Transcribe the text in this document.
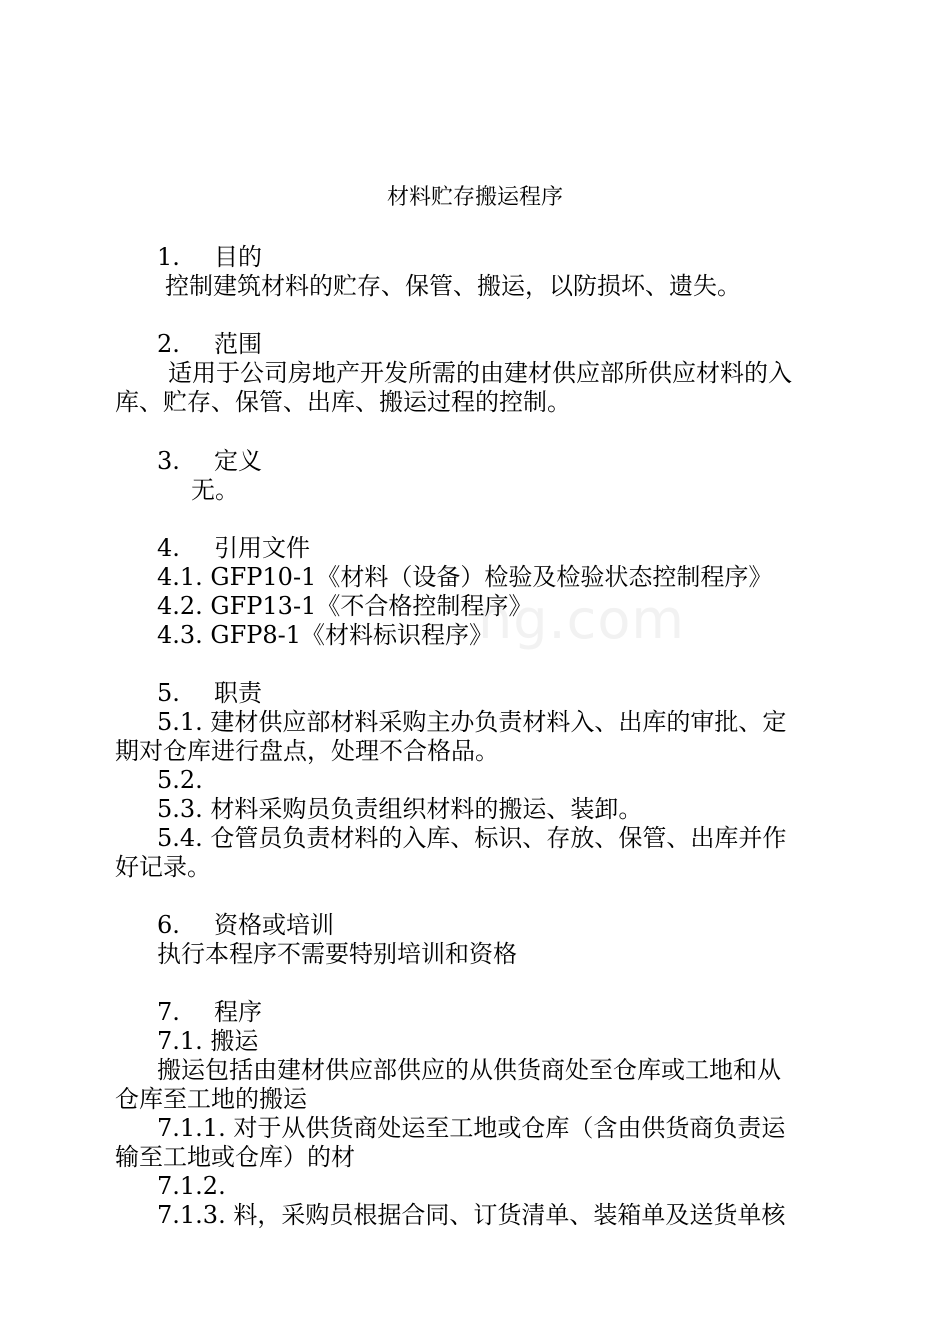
ng.com
材料贮存搬运程序
1. 目的
控制建筑材料的贮存、保管、搬运，以防损坏、遗失。
2. 范围
适用于公司房地产开发所需的由建材供应部所供应材料的入
库、贮存、保管、出库、搬运过程的控制。
3. 定义
无。
4. 引用文件
4.1. GFP10-1《材料（设备）检验及检验状态控制程序》
4.2. GFP13-1《不合格控制程序》
4.3. GFP8-1《材料标识程序》
5. 职责
5.1. 建材供应部材料采购主办负责材料入、出库的审批、定
期对仓库进行盘点，处理不合格品。
5.2.
5.3. 材料采购员负责组织材料的搬运、装卸。
5.4. 仓管员负责材料的入库、标识、存放、保管、出库并作
好记录。
6. 资格或培训
执行本程序不需要特别培训和资格
7. 程序
7.1. 搬运
搬运包括由建材供应部供应的从供货商处至仓库或工地和从
仓库至工地的搬运
7.1.1. 对于从供货商处运至工地或仓库（含由供货商负责运
输至工地或仓库）的材
7.1.2.
7.1.3. 料，采购员根据合同、订货清单、装箱单及送货单核
